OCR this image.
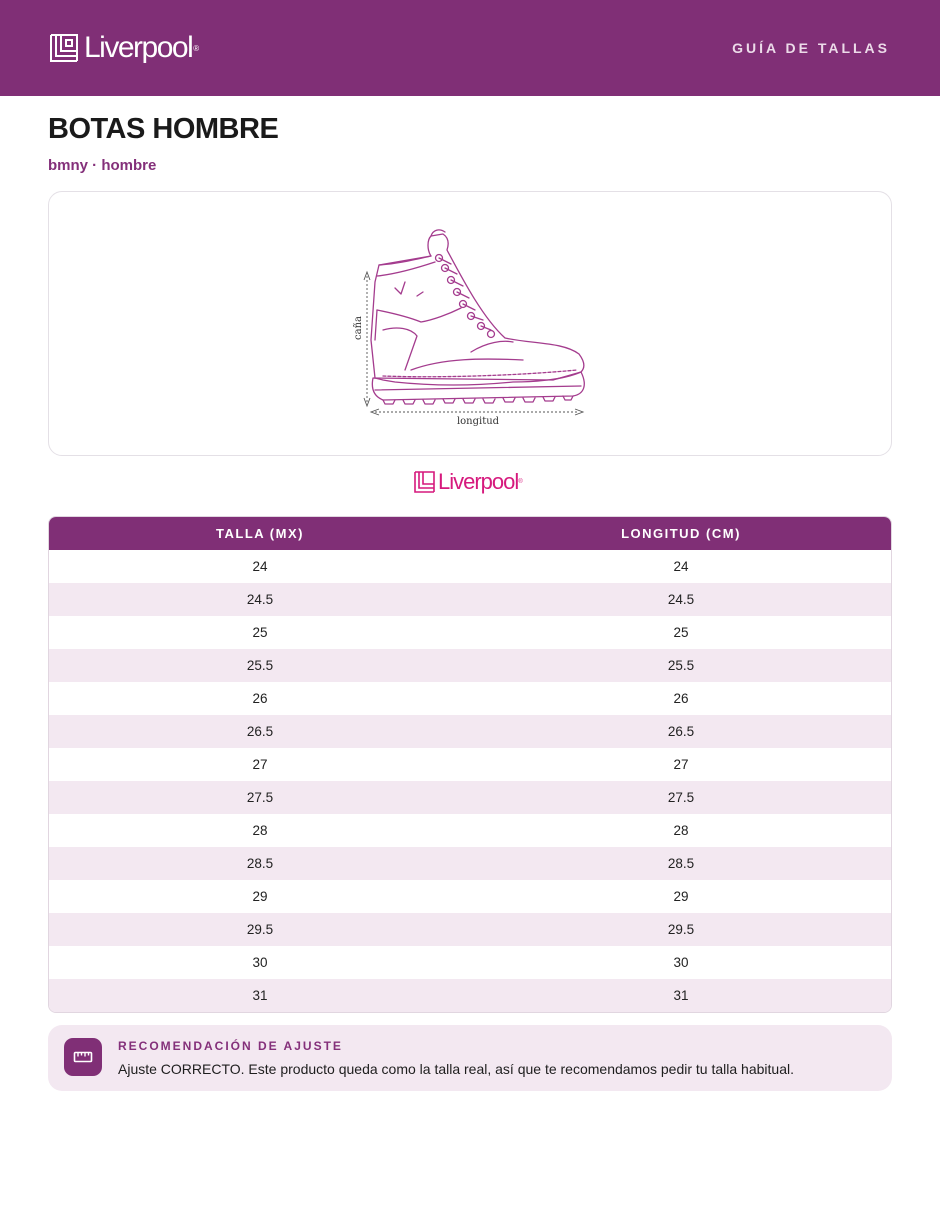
Liverpool ®	GUÍA DE TALLAS
BOTAS HOMBRE
bmny · hombre
caña
longitud
Liverpool ®
TALLA (MX)	LONGITUD (CM)
24	24
24.5	24.5
25	25
25.5	25.5
26	26
26.5	26.5
27	27
27.5	27.5
28	28
28.5	28.5
29	29
29.5	29.5
30	30
31	31
RECOMENDACIÓN DE AJUSTE
Ajuste CORRECTO. Este producto queda como la talla real, así que te recomendamos pedir tu talla habitual.
